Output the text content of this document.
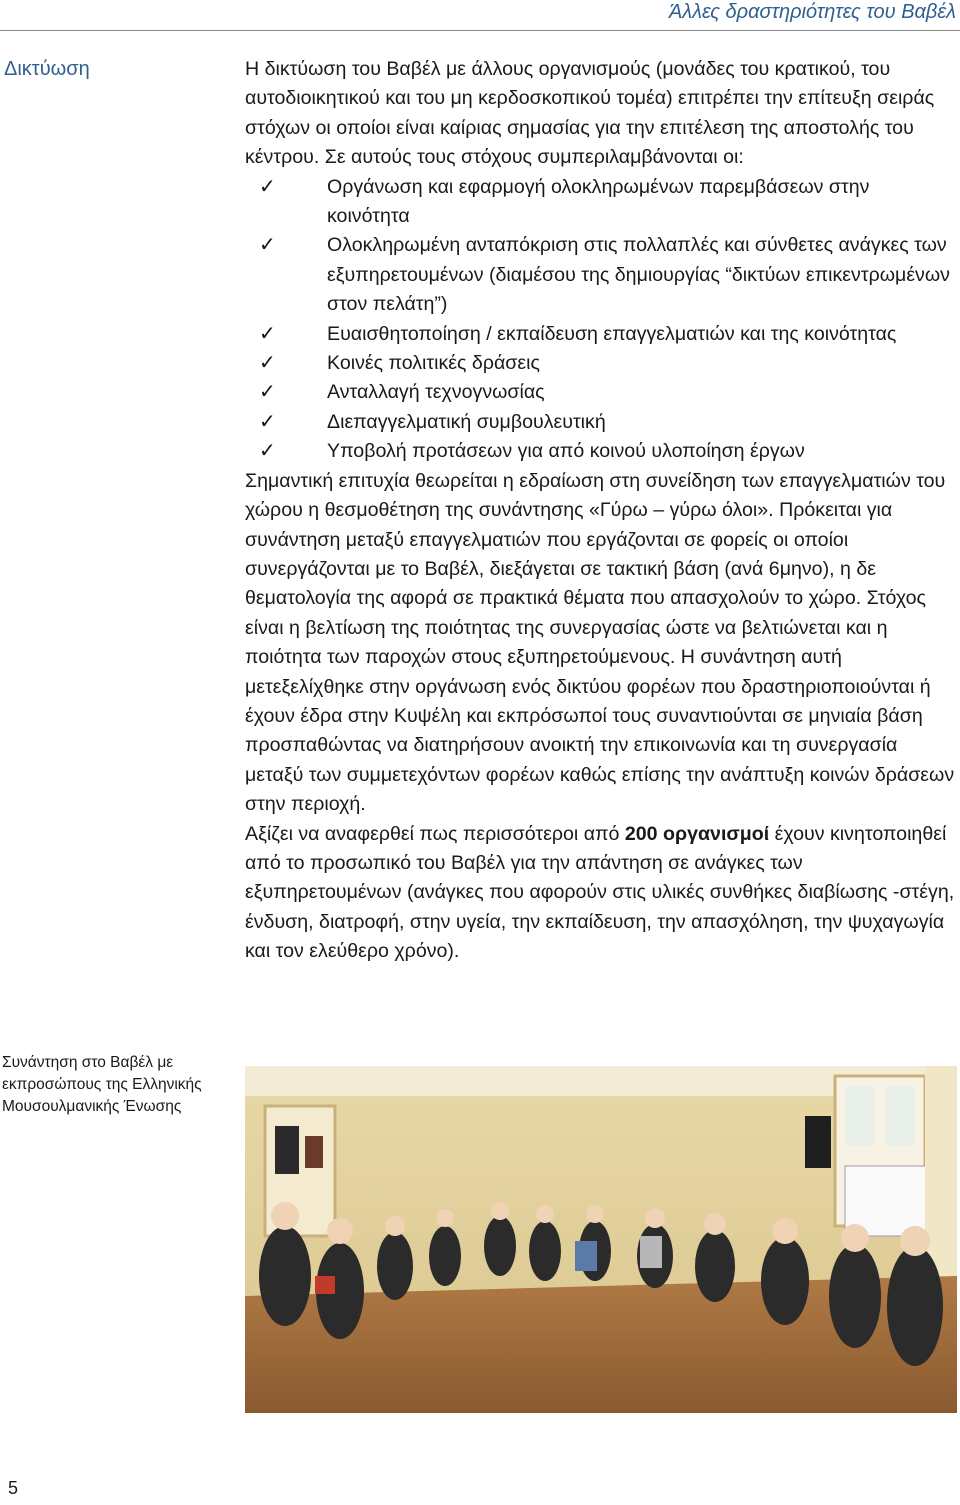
Άλλες δραστηριότητες του Βαβέλ
Δικτύωση	Η δικτύωση του Βαβέλ με άλλους οργανισμούς (μονάδες του κρατικού, του αυτοδιοικητικού και του μη κερδοσκοπικού τομέα) επιτρέπει την επίτευξη σειράς στόχων οι οποίοι είναι καίριας σημασίας για την επιτέλεση της αποστολής του κέντρου. Σε αυτούς τους στόχους συμπεριλαμβάνονται οι:

✓	Οργάνωση και εφαρμογή ολοκληρωμένων παρεμβάσεων στην κοινότητα
✓	Ολοκληρωμένη ανταπόκριση στις πολλαπλές και σύνθετες ανάγκες των εξυπηρετουμένων (διαμέσου της δημιουργίας “δικτύων επικεντρωμένων στον πελάτη”)
✓	Ευαισθητοποίηση / εκπαίδευση επαγγελματιών και της κοινότητας
✓	Κοινές πολιτικές δράσεις
✓	Ανταλλαγή τεχνογνωσίας
✓	Διεπαγγελματική συμβουλευτική
✓	Υποβολή προτάσεων για από κοινού υλοποίηση έργων

Σημαντική επιτυχία θεωρείται η εδραίωση στη συνείδηση των επαγγελματιών του χώρου η θεσμοθέτηση της συνάντησης «Γύρω – γύρω όλοι». Πρόκειται για συνάντηση μεταξύ επαγγελματιών που εργάζονται σε φορείς οι οποίοι συνεργάζονται με το Βαβέλ, διεξάγεται σε τακτική βάση (ανά 6μηνο), η δε θεματολογία της αφορά σε πρακτικά θέματα που απασχολούν το χώρο. Στόχος είναι η βελτίωση της ποιότητας της συνεργασίας ώστε να βελτιώνεται και η ποιότητα των παροχών στους εξυπηρετούμενους. Η συνάντηση αυτή μετεξελίχθηκε στην οργάνωση ενός δικτύου φορέων που δραστηριοποιούνται ή έχουν έδρα στην Κυψέλη και εκπρόσωποί τους συναντιούνται σε μηνιαία βάση προσπαθώντας να διατηρήσουν ανοικτή την επικοινωνία και τη συνεργασία μεταξύ των συμμετεχόντων φορέων καθώς επίσης την ανάπτυξη κοινών δράσεων στην περιοχή.

Αξίζει να αναφερθεί πως περισσότεροι από 200 οργανισμοί έχουν κινητοποιηθεί από το προσωπικό του Βαβέλ για την απάντηση σε ανάγκες των εξυπηρετουμένων (ανάγκες που αφορούν στις υλικές συνθήκες διαβίωσης -στέγη, ένδυση, διατροφή, στην υγεία, την εκπαίδευση, την απασχόληση, την ψυχαγωγία και τον ελεύθερο χρόνο).

Συνάντηση στο Βαβέλ με εκπροσώπους της Ελληνικής Μουσουλμανικής Ένωσης
5
